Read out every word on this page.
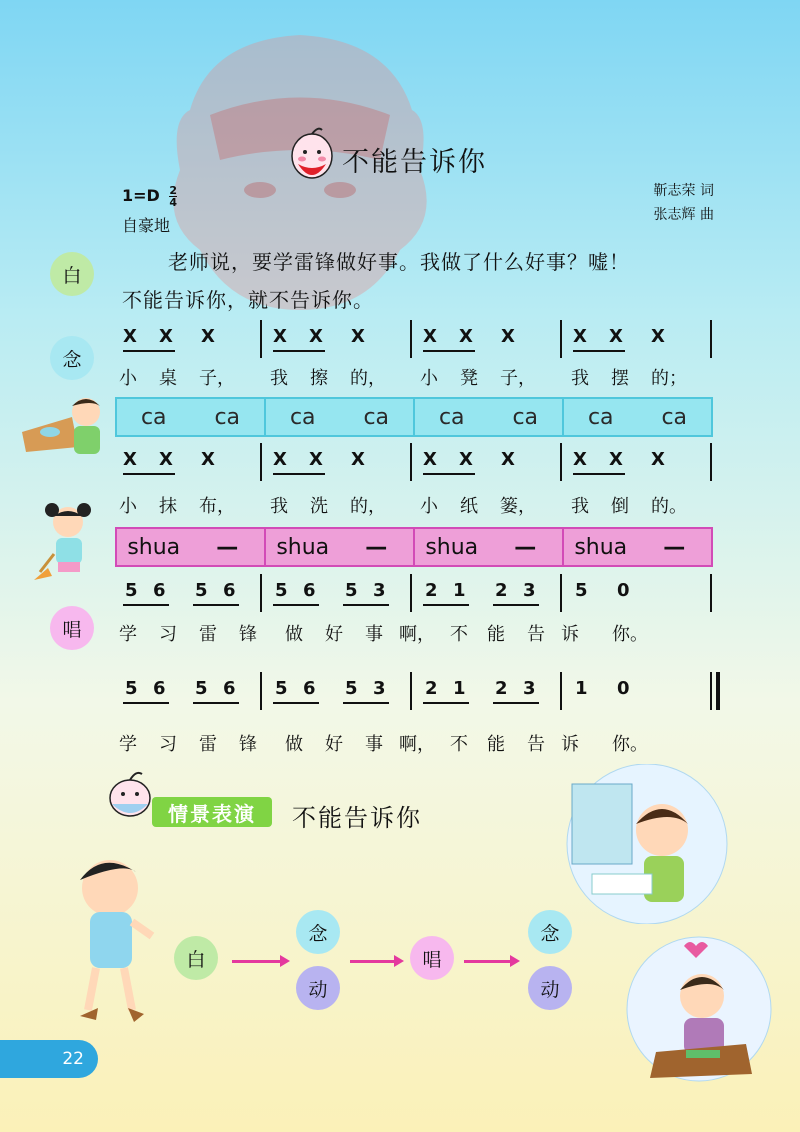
不能告诉你
$1=D \frac{2}{4}$
自豪地
靳志荣 词
张志辉 曲
白
念
唱
老师说，要学雷锋做好事。我做了什么好事？嘘！
不能告诉你，就不告诉你。
X X X	X X X	X X X	X X X
小 桌 子， 我 擦 的， 小 凳 子， 我 摆 的；
ca	ca	ca	ca	ca	ca	ca	ca
X X X	X X X	X X X	X X X
小 抹 布， 我 洗 的， 小 纸 篓， 我 倒 的。
shua	—	shua	—	shua	—	shua	—
5 6 5 6 5 6 5 3 2 1 2 3 5 0
学 习 雷 锋 做 好 事 啊， 不 能 告 诉 你。
5 6 5 6 5 6 5 3 2 1 2 3 1 0
学 习 雷 锋 做 好 事 啊， 不 能 告 诉 你。
情景表演	不能告诉你
白
念
动
唱
念
动
22
